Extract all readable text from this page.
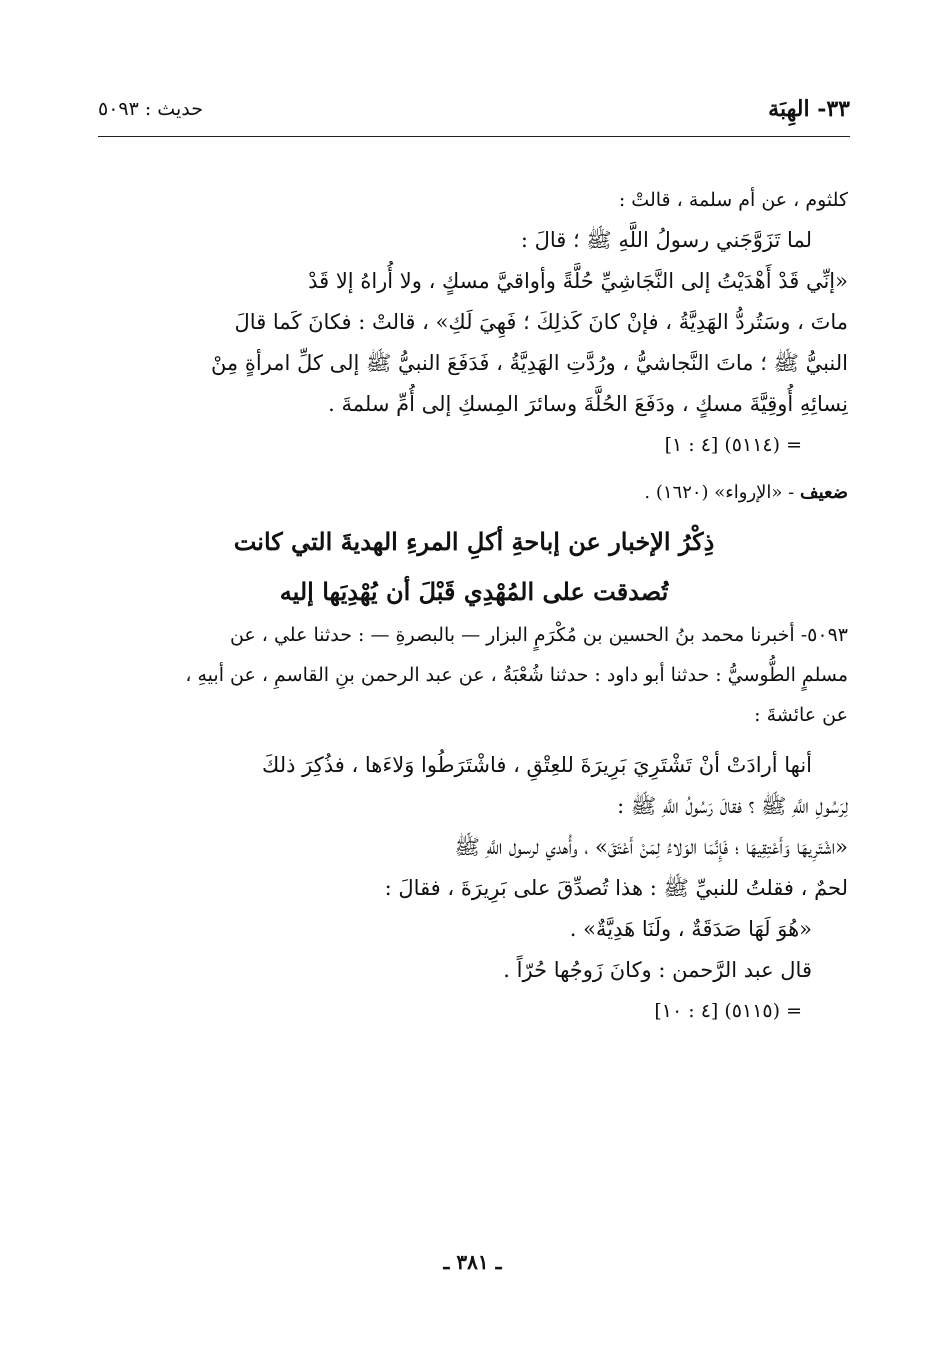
٣٣- الهِبَة
حديث : ٥٠٩٣
كلثوم ، عن أم سلمة ، قالتْ :
لما تَزَوَّجَني رسولُ اللَّهِ ﷺ ؛ قالَ :
«إنِّي قَدْ أَهْدَيْتُ إلى النَّجَاشِيِّ حُلَّةً وأواقيَّ مسكٍ ، ولا أُراهُ إلا قَدْ
ماتَ ، وسَتُردُّ الهَدِيَّةُ ، فإنْ كانَ كَذلِكَ ؛ فَهِيَ لَكِ» ، قالتْ : فكانَ كَما قالَ
النبيُّ ﷺ ؛ ماتَ النَّجاشيُّ ، ورُدَّتِ الهَدِيَّةُ ، فَدَفَعَ النبيُّ ﷺ إلى كلِّ امرأةٍ مِنْ
نِسائِهِ أُوقِيَّةَ مسكٍ ، ودَفَعَ الحُلَّةَ وسائرَ المِسكِ إلى أُمِّ سلمةَ .
= (٥١١٤) [٤ : ١]
ضعيف - «الإرواء» (١٦٢٠) .
ذِكْرُ الإخبار عن إباحةِ أكلِ المرءِ الهديةَ التي كانت
تُصدقت على المُهْدِي قَبْلَ أن يُهْدِيَها إليه
٥٠٩٣- أخبرنا محمد بنُ الحسين بن مُكْرَمٍ البزار — بالبصرةِ — : حدثنا علي ، عن
مسلمٍ الطُّوسيُّ : حدثنا أبو داود : حدثنا شُعْبَةُ ، عن عبد الرحمن بنِ القاسمِ ، عن أبيهِ ،
عن عائشةَ :
أنها أرادَتْ أنْ تَشْتَرِيَ بَرِيرَةَ للعِتْقِ ، فاشْتَرَطُوا وَلاءَها ، فذُكِرَ ذلكَ
لِرَسُولِ اللَّهِ ﷺ ؟ فقالَ رَسُولُ اللَّهِ ﷺ :
«اشْتَرِيهَا وَأَعْتِقِيهَا ؛ فَإِنَّمَا الوَلاءُ لِمَنْ أَعْتَقَ» ، وأُهدي لرسول اللَّهِ ﷺ
لحمٌ ، فقلتُ للنبيِّ ﷺ : هذا تُصدِّقَ على بَرِيرَةَ ، فقالَ :
«هُوَ لَهَا صَدَقَةٌ ، ولَنَا هَدِيَّةٌ» .
قال عبد الرَّحمن : وكانَ زَوجُها حُرّاً .
= (٥١١٥) [٤ : ١٠]
ـ ٣٨١ ـ
